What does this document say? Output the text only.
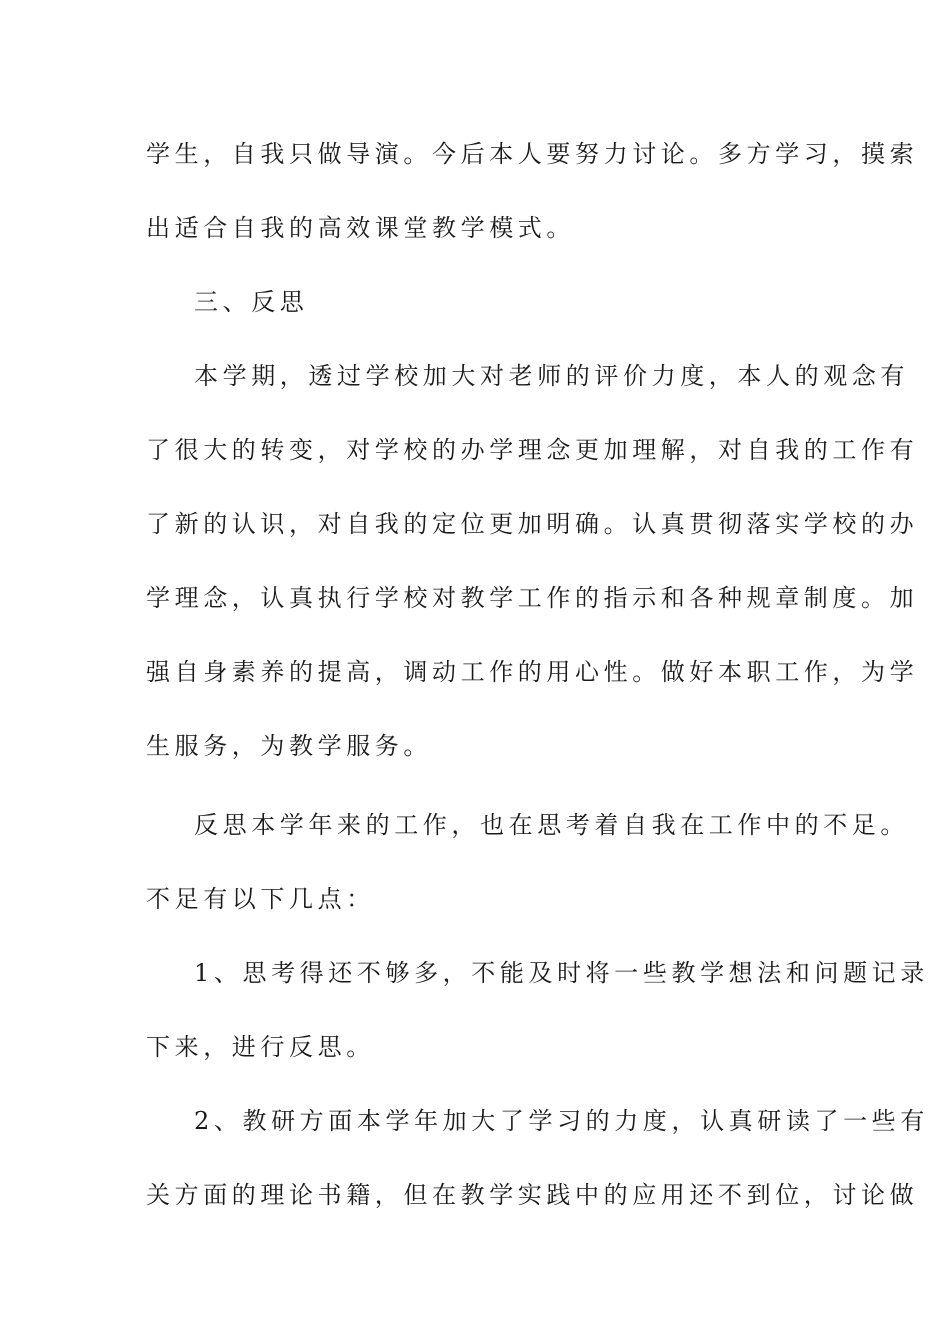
学生，自我只做导演。今后本人要努力讨论。多方学习，摸索
出适合自我的高效课堂教学模式。
三、反思
本学期，透过学校加大对老师的评价力度，本人的观念有
了很大的转变，对学校的办学理念更加理解，对自我的工作有
了新的认识，对自我的定位更加明确。认真贯彻落实学校的办
学理念，认真执行学校对教学工作的指示和各种规章制度。加
强自身素养的提高，调动工作的用心性。做好本职工作，为学
生服务，为教学服务。
反思本学年来的工作，也在思考着自我在工作中的不足。
不足有以下几点：
1、思考得还不够多，不能及时将一些教学想法和问题记录
下来，进行反思。
2、教研方面本学年加大了学习的力度，认真研读了一些有
关方面的理论书籍，但在教学实践中的应用还不到位，讨论做
